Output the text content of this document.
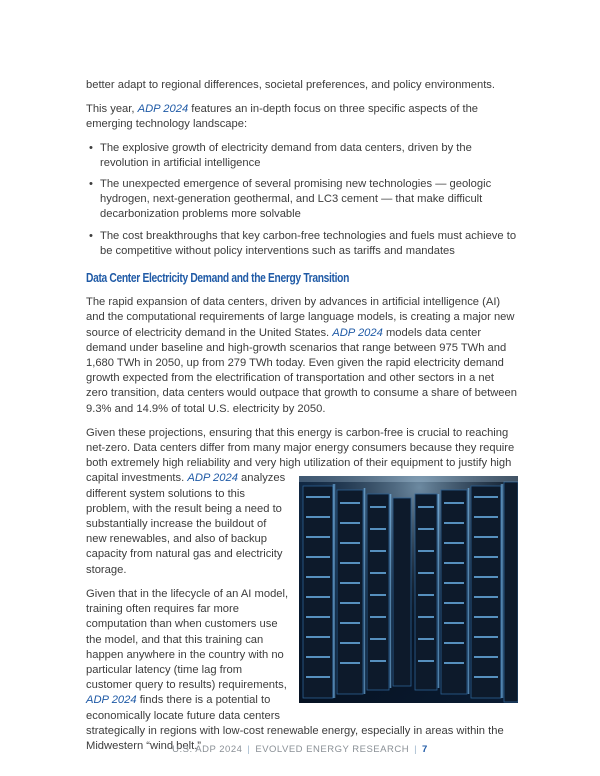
better adapt to regional differences, societal preferences, and policy environments.

This year, ADP 2024 features an in-depth focus on three specific aspects of the emerging technology landscape:

• The explosive growth of electricity demand from data centers, driven by the revolution in artificial intelligence
• The unexpected emergence of several promising new technologies — geologic hydrogen, next-generation geothermal, and LC3 cement — that make difficult decarbonization problems more solvable
• The cost breakthroughs that key carbon-free technologies and fuels must achieve to be competitive without policy interventions such as tariffs and mandates
Data Center Electricity Demand and the Energy Transition

The rapid expansion of data centers, driven by advances in artificial intelligence (AI) and the computational requirements of large language models, is creating a major new source of electricity demand in the United States. ADP 2024 models data center demand under baseline and high-growth scenarios that range between 975 TWh and 1,680 TWh in 2050, up from 279 TWh today. Even given the rapid electricity demand growth expected from the electrification of transportation and other sectors in a net zero transition, data centers would outpace that growth to consume a share of between 9.3% and 14.9% of total U.S. electricity by 2050.

Given these projections, ensuring that this energy is carbon-free is crucial to reaching net-zero. Data centers differ from many major energy consumers because they require both extremely high reliability and very high utilization of their equipment to justify high capital investments.
ADP 2024 analyzes different system solutions to this problem, with the result being a need to substantially increase the buildout of new renewables, and also of backup capacity from natural gas and electricity storage.

Given that in the lifecycle of an AI model, training often requires far more computation than when customers use the model, and that this training can happen anywhere in the country with no particular latency (time lag from customer query to results) requirements, ADP 2024 finds there is a potential to economically locate future data centers strategically in regions with low-cost renewable energy, especially in areas within the Midwestern “wind belt.”

U.S. ADP 2024 | EVOLVED ENERGY RESEARCH | 7
